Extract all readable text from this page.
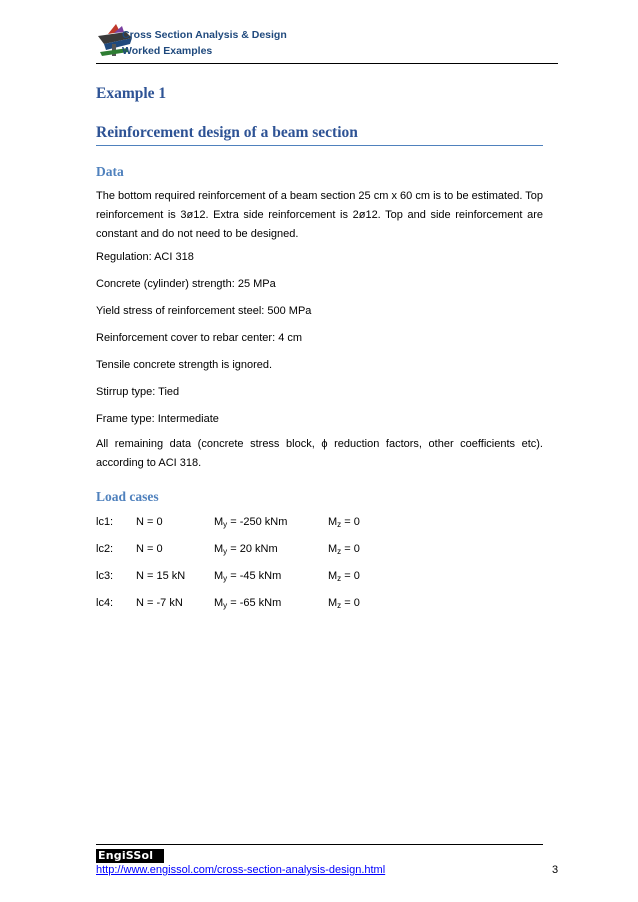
Cross Section Analysis & Design
Worked Examples
Example 1
Reinforcement design of a beam section
Data
The bottom required reinforcement of a beam section 25 cm x 60 cm is to be estimated. Top reinforcement is 3ø12. Extra side reinforcement is 2ø12. Top and side reinforcement are constant and do not need to be designed.
Regulation: ACI 318
Concrete (cylinder) strength: 25 MPa
Yield stress of reinforcement steel: 500 MPa
Reinforcement cover to rebar center: 4 cm
Tensile concrete strength is ignored.
Stirrup type: Tied
Frame type: Intermediate
All remaining data (concrete stress block, ϕ reduction factors, other coefficients etc). according to ACI 318.
Load cases
lc1: N = 0	$M_y = -250$ kNm	$M_z = 0$
lc2: N = 0	$M_y = 20$ kNm	$M_z = 0$
lc3: N = 15 kN	$M_y = -45$ kNm	$M_z = 0$
lc4: N = -7 kN	$M_y = -65$ kNm	$M_z = 0$
EngiSSol
http://www.engissol.com/cross-section-analysis-design.html	3
